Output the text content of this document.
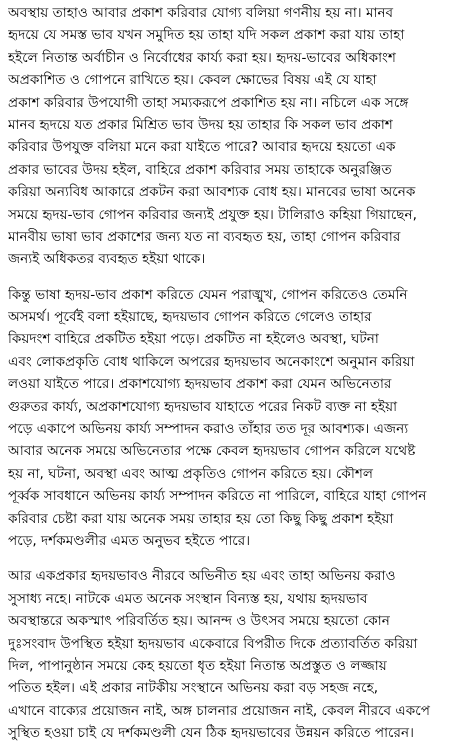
অবস্থায় তাহাও আবার প্রকাশ করিবার যোগ্য বলিয়া গণনীয় হয় না। মানব
হৃদয়ে যে সমস্ত ভাব যখন সমুদিত হয় তাহা যদি সকল প্রকাশ করা যায় তাহা
হইলে নিতান্ত অর্বাচীন ও নির্বোধের কার্য্য করা হয়। হৃদয়-ভাবের অধিকাংশ
অপ্রকাশিত ও গোপনে রাখিতে হয়। কেবল ক্ষোভের বিষয় এই যে যাহা
প্রকাশ করিবার উপযোগী তাহা সম্যকরূপে প্রকাশিত হয় না। নচিলে এক সঙ্গে
মানব হৃদয়ে যত প্রকার মিশ্রিত ভাব উদয় হয় তাহার কি সকল ভাব প্রকাশ
করিবার উপযুক্ত বলিয়া মনে করা যাইতে পারে? আবার হৃদয়ে হয়তো এক
প্রকার ভাবের উদয় হইল, বাহিরে প্রকাশ করিবার সময় তাহাকে অনুরঞ্জিত
করিয়া অন্যবিধ আকারে প্রকটন করা আবশ্যক বোধ হয়। মানবের ভাষা অনেক
সময়ে হৃদয়-ভাব গোপন করিবার জন্যই প্রযুক্ত হয়। টালিরাও কহিয়া গিয়াছেন,
মানবীয় ভাষা ভাব প্রকাশের জন্য যত না ব্যবহৃত হয়, তাহা গোপন করিবার
জন্যই অধিকতর ব্যবহৃত হইয়া থাকে।
কিন্তু ভাষা হৃদয়-ভাব প্রকাশ করিতে যেমন পরাঙ্মুখ, গোপন করিতেও তেমনি
অসমর্থ। পূর্বেই বলা হইয়াছে, হৃদয়ভাব গোপন করিতে গেলেও তাহার
কিয়দংশ বাহিরে প্রকটিত হইয়া পড়ে। প্রকটিত না হইলেও অবস্থা, ঘটনা
এবং লোকপ্রকৃতি বোধ থাকিলে অপরের হৃদয়ভাব অনেকাংশে অনুমান করিয়া
লওয়া যাইতে পারে। প্রকাশযোগ্য হৃদয়ভাব প্রকাশ করা যেমন অভিনেতার
গুরুতর কার্য্য, অপ্রকাশযোগ্য হৃদয়ভাব যাহাতে পরের নিকট ব্যক্ত না হইয়া
পড়ে একাপে অভিনয় কার্য্য সম্পাদন করাও তাঁহার তত দূর আবশ্যক। এজন্য
আবার অনেক সময়ে অভিনেতার পক্ষে কেবল হৃদয়ভাব গোপন করিলে যথেষ্ট
হয় না, ঘটনা, অবস্থা এবং আত্ম প্রকৃতিও গোপন করিতে হয়। কৌশল
পূর্ব্বক সাবধানে অভিনয় কার্য্য সম্পাদন করিতে না পারিলে, বাহিরে যাহা গোপন
করিবার চেষ্টা করা যায় অনেক সময় তাহার হয় তো কিছু কিছু প্রকাশ হইয়া
পড়ে, দর্শকমণ্ডলীর এমত অনুভব হইতে পারে।
আর একপ্রকার হৃদয়ভাবও নীরবে অভিনীত হয় এবং তাহা অভিনয় করাও
সুসাধ্য নহে। নাটকে এমত অনেক সংস্থান বিন্যস্ত হয়, যথায় হৃদয়ভাব
অবস্থান্তরে অকস্মাৎ পরিবর্তিত হয়। আনন্দ ও উৎসব সময়ে হয়তো কোন
দুঃসংবাদ উপস্থিত হইয়া হৃদয়ভাব একেবারে বিপরীত দিকে প্রত্যাবর্তিত করিয়া
দিল, পাপানুষ্ঠান সময়ে কেহ হয়তো ধৃত হইয়া নিতান্ত অপ্রস্তুত ও লজ্জায়
পতিত হইল। এই প্রকার নাটকীয় সংস্থানে অভিনয় করা বড় সহজ নহে,
এখানে বাক্যের প্রয়োজন নাই, অঙ্গ চালনার প্রয়োজন নাই, কেবল নীরবে একপে
সুস্থিত হওয়া চাই যে দর্শকমণ্ডলী যেন ঠিক হৃদয়ভাবের উন্নয়ন করিতে পারেন।
